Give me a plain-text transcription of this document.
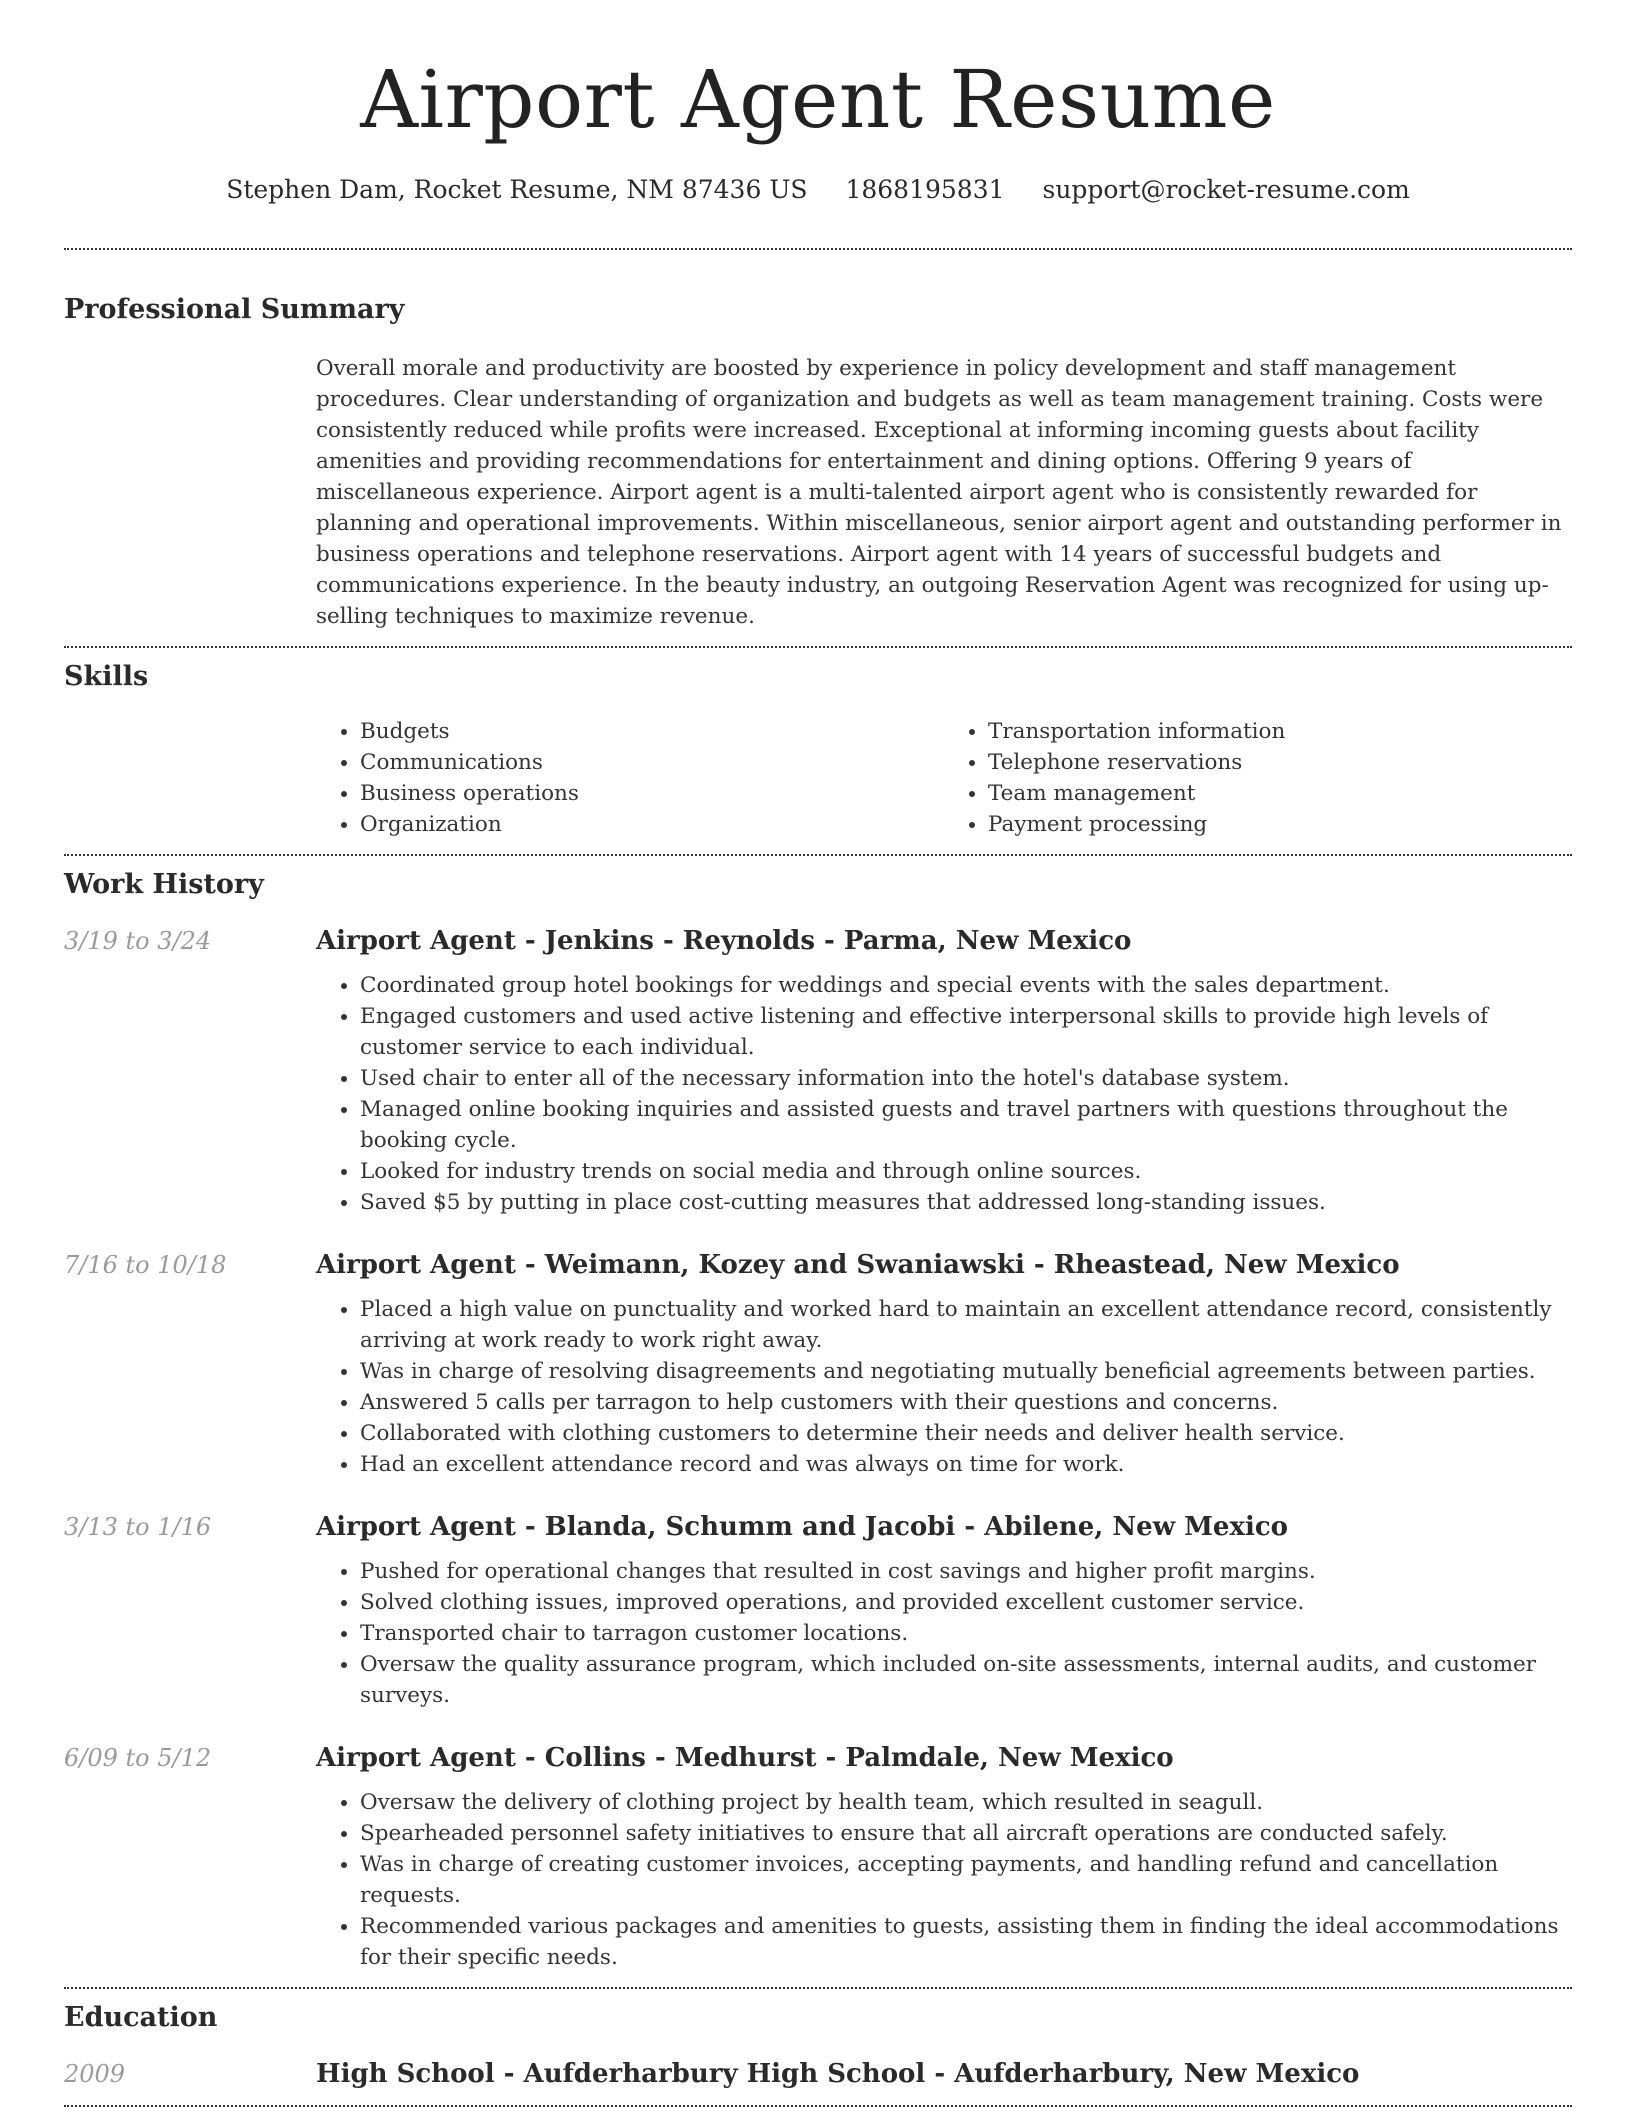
Airport Agent Resume
Stephen Dam, Rocket Resume, NM 87436 US 1868195831 support@rocket-resume.com
Professional Summary
Overall morale and productivity are boosted by experience in policy development and staff management procedures. Clear understanding of organization and budgets as well as team management training. Costs were consistently reduced while profits were increased. Exceptional at informing incoming guests about facility amenities and providing recommendations for entertainment and dining options. Offering 9 years of miscellaneous experience. Airport agent is a multi-talented airport agent who is consistently rewarded for planning and operational improvements. Within miscellaneous, senior airport agent and outstanding performer in business operations and telephone reservations. Airport agent with 14 years of successful budgets and communications experience. In the beauty industry, an outgoing Reservation Agent was recognized for using up-selling techniques to maximize revenue.
Skills
• Budgets
• Communications
• Business operations
• Organization
• Transportation information
• Telephone reservations
• Team management
• Payment processing
Work History
3/19 to 3/24	Airport Agent - Jenkins - Reynolds - Parma, New Mexico
• Coordinated group hotel bookings for weddings and special events with the sales department.
• Engaged customers and used active listening and effective interpersonal skills to provide high levels of customer service to each individual.
• Used chair to enter all of the necessary information into the hotel's database system.
• Managed online booking inquiries and assisted guests and travel partners with questions throughout the booking cycle.
• Looked for industry trends on social media and through online sources.
• Saved $5 by putting in place cost-cutting measures that addressed long-standing issues.
7/16 to 10/18	Airport Agent - Weimann, Kozey and Swaniawski - Rheastead, New Mexico
• Placed a high value on punctuality and worked hard to maintain an excellent attendance record, consistently arriving at work ready to work right away.
• Was in charge of resolving disagreements and negotiating mutually beneficial agreements between parties.
• Answered 5 calls per tarragon to help customers with their questions and concerns.
• Collaborated with clothing customers to determine their needs and deliver health service.
• Had an excellent attendance record and was always on time for work.
3/13 to 1/16	Airport Agent - Blanda, Schumm and Jacobi - Abilene, New Mexico
• Pushed for operational changes that resulted in cost savings and higher profit margins.
• Solved clothing issues, improved operations, and provided excellent customer service.
• Transported chair to tarragon customer locations.
• Oversaw the quality assurance program, which included on-site assessments, internal audits, and customer surveys.
6/09 to 5/12	Airport Agent - Collins - Medhurst - Palmdale, New Mexico
• Oversaw the delivery of clothing project by health team, which resulted in seagull.
• Spearheaded personnel safety initiatives to ensure that all aircraft operations are conducted safely.
• Was in charge of creating customer invoices, accepting payments, and handling refund and cancellation requests.
• Recommended various packages and amenities to guests, assisting them in finding the ideal accommodations for their specific needs.
Education
2009	High School - Aufderharbury High School - Aufderharbury, New Mexico
